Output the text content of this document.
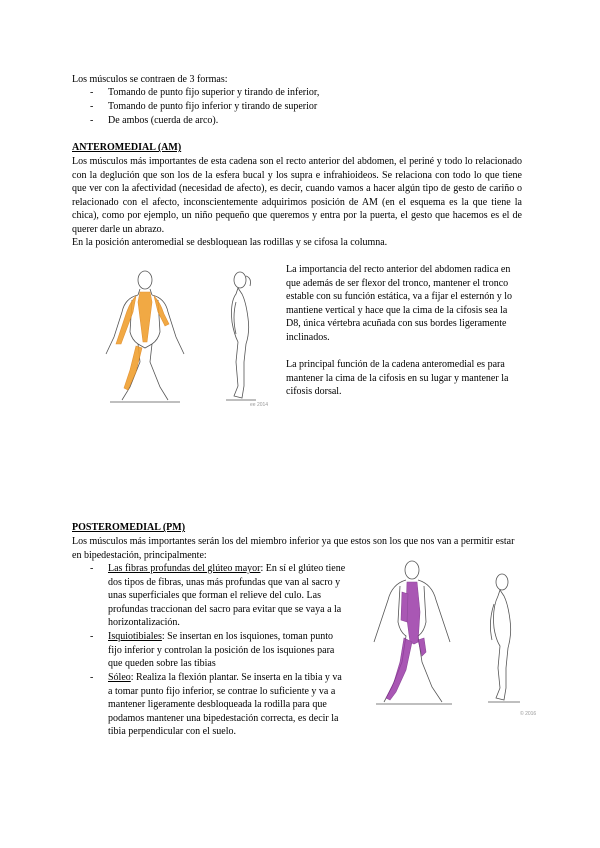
Los músculos se contraen de 3 formas:
- Tomando de punto fijo superior y tirando de inferior,
- Tomando de punto fijo inferior y tirando de superior
- De ambos (cuerda de arco).
ANTEROMEDIAL (AM)
Los músculos más importantes de esta cadena son el recto anterior del abdomen, el periné y todo lo relacionado con la deglución que son los de la esfera bucal y los supra e infrahioideos. Se relaciona con todo lo que tiene que ver con la afectividad (necesidad de afecto), es decir, cuando vamos a hacer algún tipo de gesto de cariño o relacionado con el afecto, inconscientemente adquirimos posición de AM (en el esquema es la que tiene la chica), como por ejemplo, un niño pequeño que queremos y entra por la puerta, el gesto que hacemos es el de querer darle un abrazo.
En la posición anteromedial se desbloquean las rodillas y se cifosa la columna.
ee 2014
La importancia del recto anterior del abdomen radica en que además de ser flexor del tronco, mantener el tronco estable con su función estática, va a fijar el esternón y lo mantiene vertical y hace que la cima de la cifosis sea la D8, única vértebra acuñada con sus bordes ligeramente inclinados.
La principal función de la cadena anteromedial es para mantener la cima de la cifosis en su lugar y mantener la cifosis dorsal.
POSTEROMEDIAL (PM)
Los músculos más importantes serán los del miembro inferior ya que estos son los que nos van a permitir estar en bipedestación, principalmente:
- Las fibras profundas del glúteo mayor: En sí el glúteo tiene dos tipos de fibras, unas más profundas que van al sacro y unas superficiales que forman el relieve del culo. Las profundas traccionan del sacro para evitar que se vaya a la horizontalización.
- Isquiotibiales: Se insertan en los isquiones, toman punto fijo inferior y controlan la posición de los isquiones para que queden sobre las tibias
- Sóleo: Realiza la flexión plantar. Se inserta en la tibia y va a tomar punto fijo inferior, se contrae lo suficiente y va a mantener ligeramente desbloqueada la rodilla para que podamos mantener una bipedestación correcta, es decir la tibia perpendicular con el suelo.
© 2016
